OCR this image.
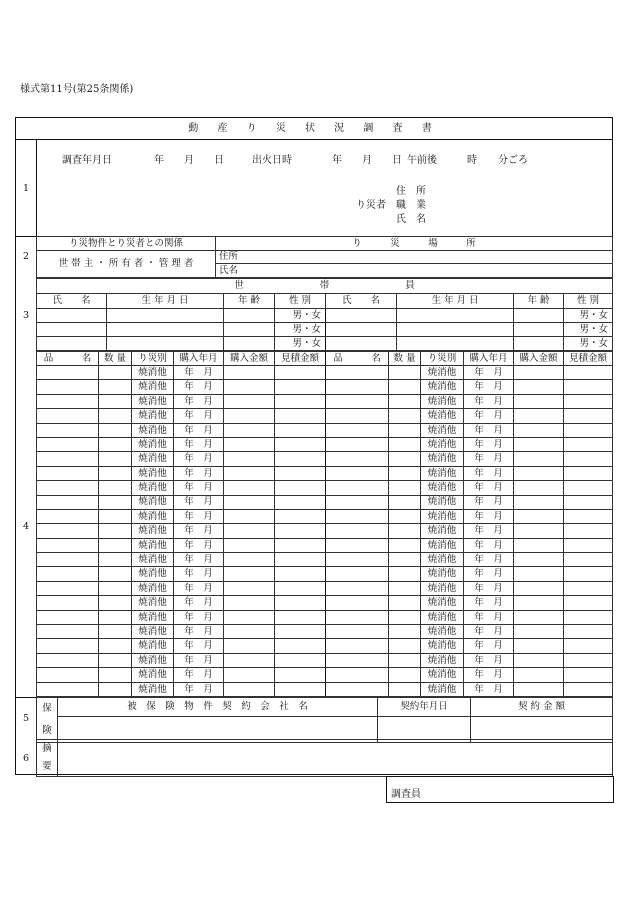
様式第11号(第25条関係)
動 産 り 災 状 況 調 査 書
1
調査年月日	年 月 日	出火日時	年 月 日 午前後	時 分ごろ
り災者
住　所
職　業
氏　名
2
り災物件とり災者との関係	り　　　災　　　場　　　所
世 帯 主 ・ 所 有 者 ・ 管 理 者	住所
	氏名
3
世　　　　　　　　帯　　　　　　　　員							
氏　　名	生 年 月 日	年 齢	性 別	氏　　名	生 年 月 日	年 齢	性 別
			男・女				男・女
			男・女				男・女
			男・女				男・女
4
品　　　名	数 量	り災別	購入年月	購入金額	見積金額	品　　　名	数 量	り災別	購入年月	購入金額	見積金額
		焼消他	年　月					焼消他	年　月		
		焼消他	年　月					焼消他	年　月		
		焼消他	年　月					焼消他	年　月		
		焼消他	年　月					焼消他	年　月		
		焼消他	年　月					焼消他	年　月		
		焼消他	年　月					焼消他	年　月		
		焼消他	年　月					焼消他	年　月		
		焼消他	年　月					焼消他	年　月		
		焼消他	年　月					焼消他	年　月		
		焼消他	年　月					焼消他	年　月		
		焼消他	年　月					焼消他	年　月		
		焼消他	年　月					焼消他	年　月		
		焼消他	年　月					焼消他	年　月		
		焼消他	年　月					焼消他	年　月		
		焼消他	年　月					焼消他	年　月		
		焼消他	年　月					焼消他	年　月		
		焼消他	年　月					焼消他	年　月		
		焼消他	年　月					焼消他	年　月		
		焼消他	年　月					焼消他	年　月		
		焼消他	年　月					焼消他	年　月		
		焼消他	年　月					焼消他	年　月		
		焼消他	年　月					焼消他	年　月		
		焼消他	年　月					焼消他	年　月		
5
保
険	被　保　険　物　件　契　約　会　社　名	契約年月日	契 約 金 額

6
摘
要	
調査員
